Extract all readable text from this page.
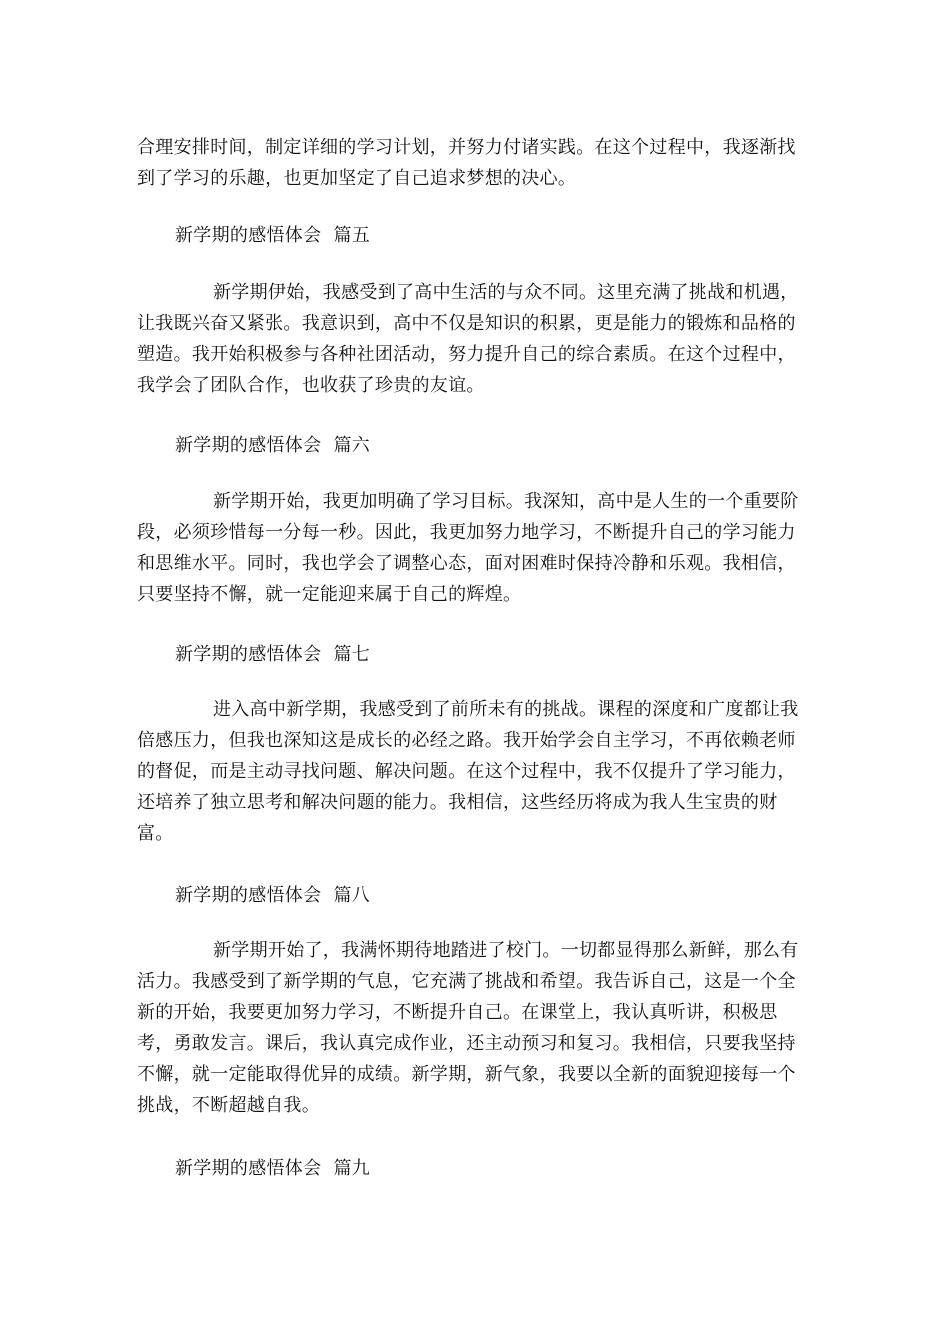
合理安排时间，制定详细的学习计划，并努力付诸实践。在这个过程中，我逐渐找到了学习的乐趣，也更加坚定了自己追求梦想的决心。

新学期的感悟体会  篇五

新学期伊始，我感受到了高中生活的与众不同。这里充满了挑战和机遇，让我既兴奋又紧张。我意识到，高中不仅是知识的积累，更是能力的锻炼和品格的塑造。我开始积极参与各种社团活动，努力提升自己的综合素质。在这个过程中，我学会了团队合作，也收获了珍贵的友谊。

新学期的感悟体会  篇六

新学期开始，我更加明确了学习目标。我深知，高中是人生的一个重要阶段，必须珍惜每一分每一秒。因此，我更加努力地学习，不断提升自己的学习能力和思维水平。同时，我也学会了调整心态，面对困难时保持冷静和乐观。我相信，只要坚持不懈，就一定能迎来属于自己的辉煌。

新学期的感悟体会  篇七

进入高中新学期，我感受到了前所未有的挑战。课程的深度和广度都让我倍感压力，但我也深知这是成长的必经之路。我开始学会自主学习，不再依赖老师的督促，而是主动寻找问题、解决问题。在这个过程中，我不仅提升了学习能力，还培养了独立思考和解决问题的能力。我相信，这些经历将成为我人生宝贵的财富。

新学期的感悟体会  篇八

新学期开始了，我满怀期待地踏进了校门。一切都显得那么新鲜，那么有活力。我感受到了新学期的气息，它充满了挑战和希望。我告诉自己，这是一个全新的开始，我要更加努力学习，不断提升自己。在课堂上，我认真听讲，积极思考，勇敢发言。课后，我认真完成作业，还主动预习和复习。我相信，只要我坚持不懈，就一定能取得优异的成绩。新学期，新气象，我要以全新的面貌迎接每一个挑战，不断超越自我。

新学期的感悟体会  篇九
